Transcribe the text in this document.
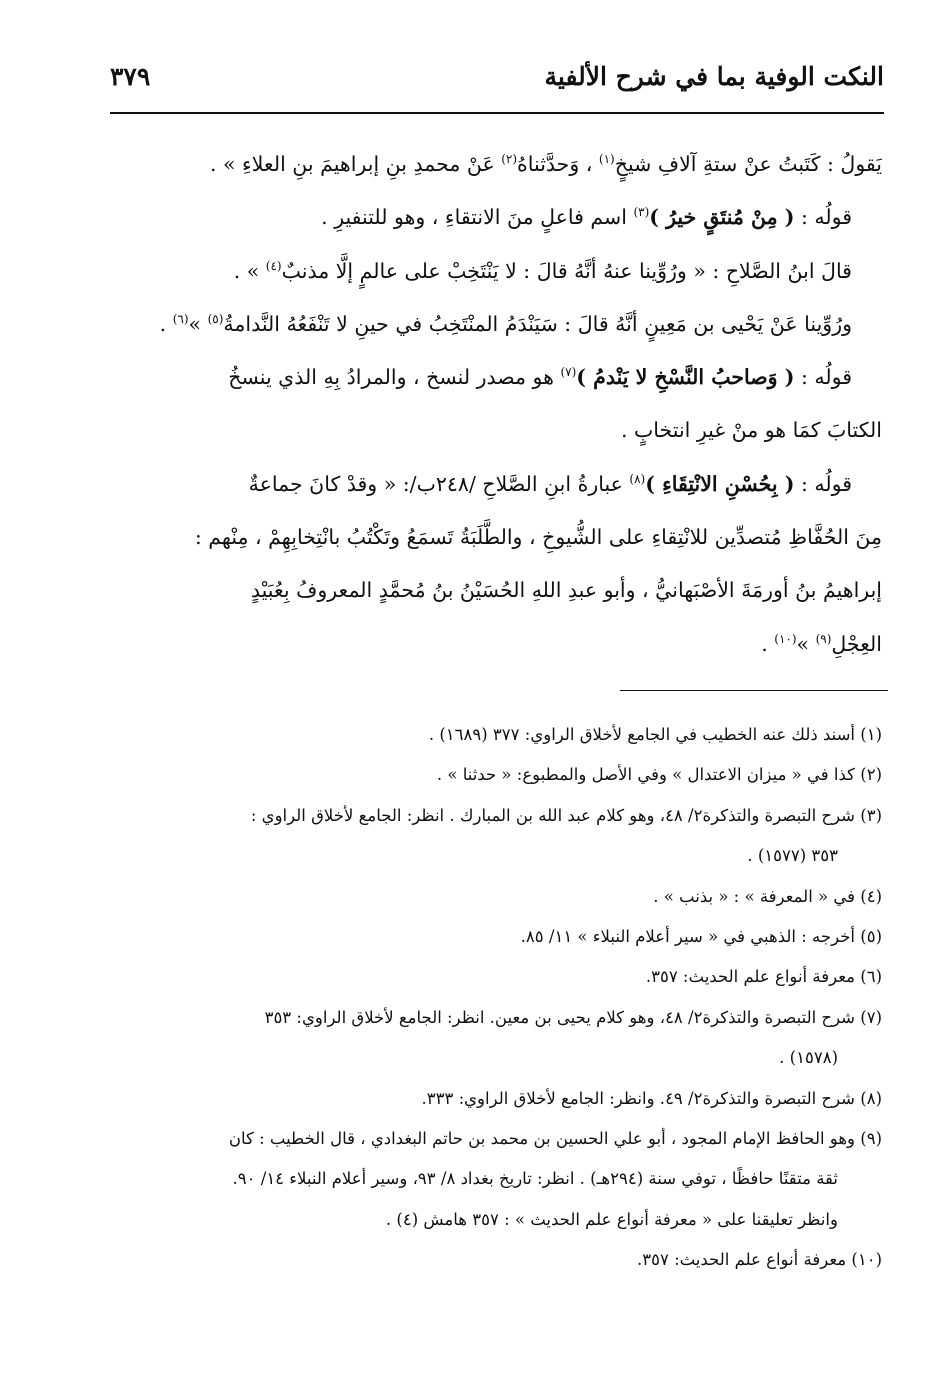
النكت الوفية بما في شرح الألفية
٣٧٩
يَقولُ : كَتَبتُ عنْ ستةِ آلافِ شيخٍ$^{(١)}$ ، وَحدَّثناهُ$^{(٢)}$ عَنْ محمدِ بنِ إبراهيمَ بنِ العلاءِ » .
قولُه : ( مِنْ مُنتَقٍ خيرُ )$^{(٣)}$ اسم فاعلٍ منَ الانتقاءِ ، وهو للتنفيرِ .
قالَ ابنُ الصَّلاحِ : « ورُوِّينا عنهُ أنَّهُ قالَ : لا يَنْتَخِبْ على عالمٍ إلَّا مذنبٌ$^{(٤)}$ » .
ورُوِّينا عَنْ يَحْيى بن مَعِينٍ أنَّهُ قالَ : سَيَنْدَمُ المنْتَخِبُ في حينِ لا تَنْفَعُهُ النَّدامةُ$^{(٥)}$ »$^{(٦)}$ .
قولُه : ( وَصاحبُ النَّسْخِ لا يَنْدمُ )$^{(٧)}$ هو مصدر لنسخ ، والمرادُ بِهِ الذي ينسخُ
الكتابَ كمَا هو منْ غيرِ انتخابٍ .
قولُه : ( بِحُسْنِ الانْتِقَاءِ )$^{(٨)}$ عبارةُ ابنِ الصَّلاحِ /٢٤٨ب/: « وقدْ كانَ جماعةٌ
مِنَ الحُفَّاظِ مُتصدِّين للانْتِقاءِ على الشُّيوخِ ، والطَّلَبَةُ تَسمَعُ وتَكْتُبُ بانْتِخابِهِمْ ، مِنْهم :
إبراهيمُ بنُ أورمَةَ الأصْبَهانيُّ ، وأبو عبدِ اللهِ الحُسَيْنُ بنُ مُحمَّدٍ المعروفُ بِعُبَيْدٍ
العِجْلِ$^{(٩)}$ »$^{(١٠)}$ .
(١) أسند ذلك عنه الخطيب في الجامع لأخلاق الراوي: ٣٧٧ (١٦٨٩) .
(٢) كذا في « ميزان الاعتدال » وفي الأصل والمطبوع: « حدثنا » .
(٣) شرح التبصرة والتذكرة٢/ ٤٨، وهو كلام عبد الله بن المبارك . انظر: الجامع لأخلاق الراوي :
٣٥٣ (١٥٧٧) .
(٤) في « المعرفة » : « بذنب » .
(٥) أخرجه : الذهبي في « سير أعلام النبلاء » ١١/ ٨٥.
(٦) معرفة أنواع علم الحديث: ٣٥٧.
(٧) شرح التبصرة والتذكرة٢/ ٤٨، وهو كلام يحيى بن معين. انظر: الجامع لأخلاق الراوي: ٣٥٣
(١٥٧٨) .
(٨) شرح التبصرة والتذكرة٢/ ٤٩. وانظر: الجامع لأخلاق الراوي: ٣٣٣.
(٩) وهو الحافظ الإمام المجود ، أبو علي الحسين بن محمد بن حاتم البغدادي ، قال الخطيب : كان
ثقة متقنًا حافظًا ، توفي سنة (٢٩٤هـ) . انظر: تاريخ بغداد ٨/ ٩٣، وسير أعلام النبلاء ١٤/ ٩٠.
وانظر تعليقنا على « معرفة أنواع علم الحديث » : ٣٥٧ هامش (٤) .
(١٠) معرفة أنواع علم الحديث: ٣٥٧.
